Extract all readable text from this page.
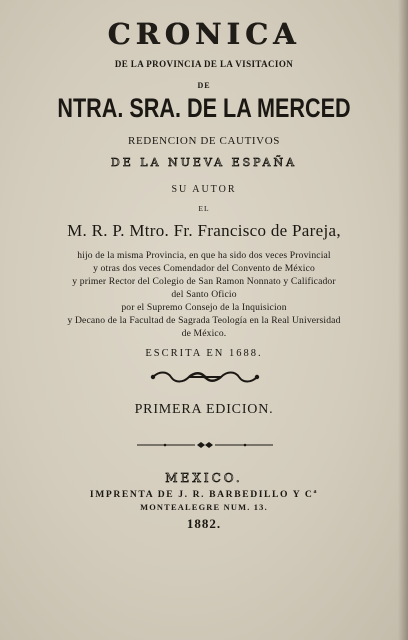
CRONICA
DE LA PROVINCIA DE LA VISITACION
DE
NTRA. SRA. DE LA MERCED
REDENCION DE CAUTIVOS
DE LA NUEVA ESPAÑA
SU AUTOR
EL
M. R. P. Mtro. Fr. Francisco de Pareja,
hijo de la misma Provincia, en que ha sido dos veces Provincial
y otras dos veces Comendador del Convento de México
y primer Rector del Colegio de San Ramon Nonnato y Calificador
del Santo Oficio
por el Supremo Consejo de la Inquisicion
y Decano de la Facultad de Sagrada Teología en la Real Universidad
de México.
ESCRITA EN 1688.
PRIMERA EDICION.
MEXICO.
IMPRENTA DE J. R. BARBEDILLO Y $C^a$
MONTEALEGRE NUM. 13.
1882.
